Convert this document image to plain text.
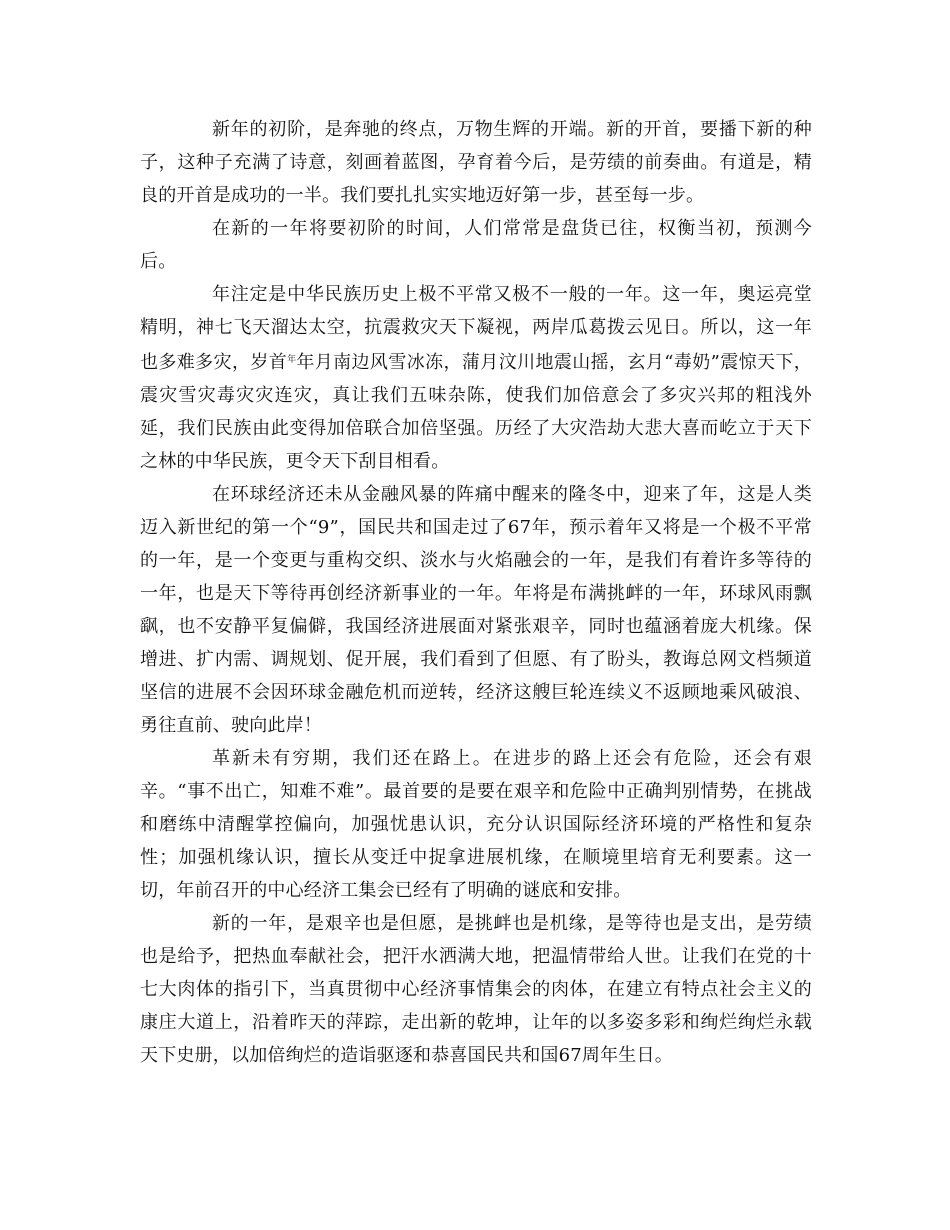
新年的初阶，是奔驰的终点，万物生辉的开端。新的开首，要播下新的种子，这种子充满了诗意，刻画着蓝图，孕育着今后，是劳绩的前奏曲。有道是，精良的开首是成功的一半。我们要扎扎实实地迈好第一步，甚至每一步。

在新的一年将要初阶的时间，人们常常是盘货已往，权衡当初，预测今后。

年注定是中华民族历史上极不平常又极不一般的一年。这一年，奥运亮堂精明，神七飞天溜达太空，抗震救灾天下凝视，两岸瓜葛拨云见日。所以，这一年也多难多灾，岁首$^年$年月南边风雪冰冻，蒲月汶川地震山摇，玄月“毒奶”震惊天下，震灾雪灾毒灾灾连灾，真让我们五味杂陈，使我们加倍意会了多灾兴邦的粗浅外延，我们民族由此变得加倍联合加倍坚强。历经了大灾浩劫大悲大喜而屹立于天下之林的中华民族，更令天下刮目相看。

在环球经济还未从金融风暴的阵痛中醒来的隆冬中，迎来了年，这是人类迈入新世纪的第一个“9”，国民共和国走过了67年，预示着年又将是一个极不平常的一年，是一个变更与重构交织、淡水与火焰融会的一年，是我们有着许多等待的一年，也是天下等待再创经济新事业的一年。年将是布满挑衅的一年，环球风雨飘飖，也不安静平复偏僻，我国经济进展面对紧张艰辛，同时也蕴涵着庞大机缘。保增进、扩内需、调规划、促开展，我们看到了但愿、有了盼头，教诲总网文档频道坚信的进展不会因环球金融危机而逆转，经济这艘巨轮连续义不返顾地乘风破浪、勇往直前、驶向此岸！

革新未有穷期，我们还在路上。在进步的路上还会有危险，还会有艰辛。“事不出亡，知难不难”。最首要的是要在艰辛和危险中正确判别情势，在挑战和磨练中清醒掌控偏向，加强忧患认识，充分认识国际经济环境的严格性和复杂性；加强机缘认识，擅长从变迁中捉拿进展机缘，在顺境里培育无利要素。这一切，年前召开的中心经济工集会已经有了明确的谜底和安排。

新的一年，是艰辛也是但愿，是挑衅也是机缘，是等待也是支出，是劳绩也是给予，把热血奉献社会，把汗水洒满大地，把温情带给人世。让我们在党的十七大肉体的指引下，当真贯彻中心经济事情集会的肉体，在建立有特点社会主义的康庄大道上，沿着昨天的萍踪，走出新的乾坤，让年的以多姿多彩和绚烂绚烂永载天下史册，以加倍绚烂的造诣驱逐和恭喜国民共和国67周年生日。
